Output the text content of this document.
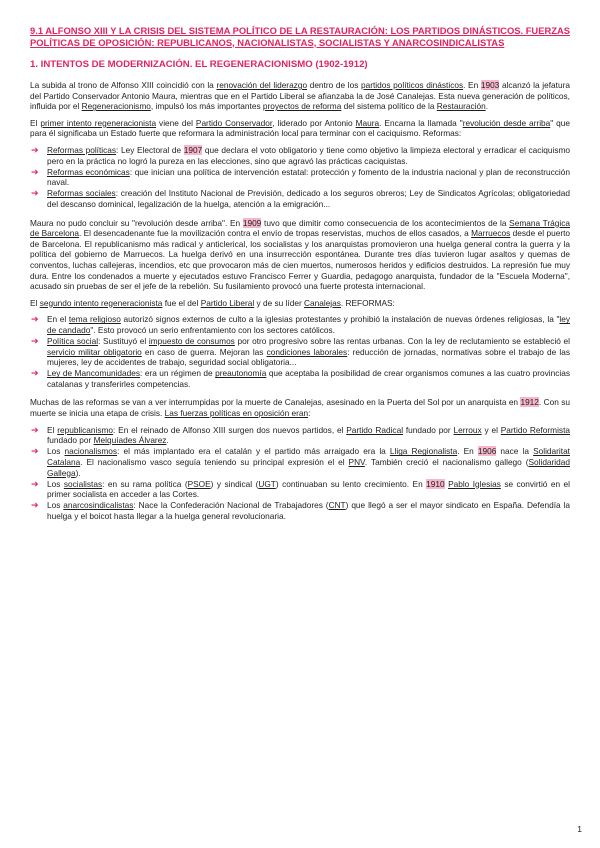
9.1 ALFONSO XIII Y LA CRISIS DEL SISTEMA POLÍTICO DE LA RESTAURACIÓN: LOS PARTIDOS DINÁSTICOS. FUERZAS POLÍTICAS DE OPOSICIÓN: REPUBLICANOS, NACIONALISTAS, SOCIALISTAS Y ANARCOSINDICALISTAS
1. INTENTOS DE MODERNIZACIÓN. EL REGENERACIONISMO (1902-1912)

La subida al trono de Alfonso XIII coincidió con la renovación del liderazgo dentro de los partidos políticos dinásticos. En 1903 alcanzó la jefatura del Partido Conservador Antonio Maura, mientras que en el Partido Liberal se afianzaba la de José Canalejas. Esta nueva generación de políticos, influida por el Regeneracionismo, impulsó los más importantes proyectos de reforma del sistema político de la Restauración.

El primer intento regeneracionista viene del Partido Conservador, liderado por Antonio Maura. Encarna la llamada "revolución desde arriba" que para él significaba un Estado fuerte que reformara la administración local para terminar con el caciquismo. Reformas:

➔ Reformas políticas: Ley Electoral de 1907 que declara el voto obligatorio y tiene como objetivo la limpieza electoral y erradicar el caciquismo pero en la práctica no logró la pureza en las elecciones, sino que agravó las prácticas caciquistas.
➔ Reformas económicas: que inician una política de intervención estatal: protección y fomento de la industria nacional y plan de reconstrucción naval.
➔ Reformas sociales: creación del Instituto Nacional de Previsión, dedicado a los seguros obreros; Ley de Sindicatos Agrícolas; obligatoriedad del descanso dominical, legalización de la huelga, atención a la emigración...

Maura no pudo concluir su "revolución desde arriba". En 1909 tuvo que dimitir como consecuencia de los acontecimientos de la Semana Trágica de Barcelona. El desencadenante fue la movilización contra el envío de tropas reservistas, muchos de ellos casados, a Marruecos desde el puerto de Barcelona. El republicanismo más radical y anticlerical, los socialistas y los anarquistas promovieron una huelga general contra la guerra y la política del gobierno de Marruecos. La huelga derivó en una insurrección espontánea. Durante tres días tuvieron lugar asaltos y quemas de conventos, luchas callejeras, incendios, etc que provocaron más de cien muertos, numerosos heridos y edificios destruidos. La represión fue muy dura. Entre los condenados a muerte y ejecutados estuvo Francisco Ferrer y Guardia, pedagogo anarquista, fundador de la "Escuela Moderna", acusado sin pruebas de ser el jefe de la rebelión. Su fusilamiento provocó una fuerte protesta internacional.

El segundo intento regeneracionista fue el del Partido Liberal y de su líder Canalejas. REFORMAS:

➔ En el tema religioso autorizó signos externos de culto a la iglesias protestantes y prohibió la instalación de nuevas órdenes religiosas, la "ley de candado". Esto provocó un serio enfrentamiento con los sectores católicos.
➔ Política social: Sustituyó el impuesto de consumos por otro progresivo sobre las rentas urbanas. Con la ley de reclutamiento se estableció el servicio militar obligatorio en caso de guerra. Mejoran las condiciones laborales: reducción de jornadas, normativas sobre el trabajo de las mujeres, ley de accidentes de trabajo, seguridad social obligatoria...
➔ Ley de Mancomunidades: era un régimen de preautonomía que aceptaba la posibilidad de crear organismos comunes a las cuatro provincias catalanas y transferirles competencias.

Muchas de las reformas se van a ver interrumpidas por la muerte de Canalejas, asesinado en la Puerta del Sol por un anarquista en 1912. Con su muerte se inicia una etapa de crisis. Las fuerzas políticas en oposición eran:

➔ El republicanismo: En el reinado de Alfonso XIII surgen dos nuevos partidos, el Partido Radical fundado por Lerroux y el Partido Reformista fundado por Melquíades Álvarez.
➔ Los nacionalismos: el más implantado era el catalán y el partido más arraigado era la Lliga Regionalista. En 1906 nace la Solidaritat Catalana. El nacionalismo vasco seguía teniendo su principal expresión el el PNV. También creció el nacionalismo gallego (Solidaridad Gallega).
➔ Los socialistas: en su rama política (PSOE) y sindical (UGT) continuaban su lento crecimiento. En 1910 Pablo Iglesias se convirtió en el primer socialista en acceder a las Cortes.
➔ Los anarcosindicalistas: Nace la Confederación Nacional de Trabajadores (CNT) que llegó a ser el mayor sindicato en España. Defendía la huelga y el boicot hasta llegar a la huelga general revolucionaria.
1
